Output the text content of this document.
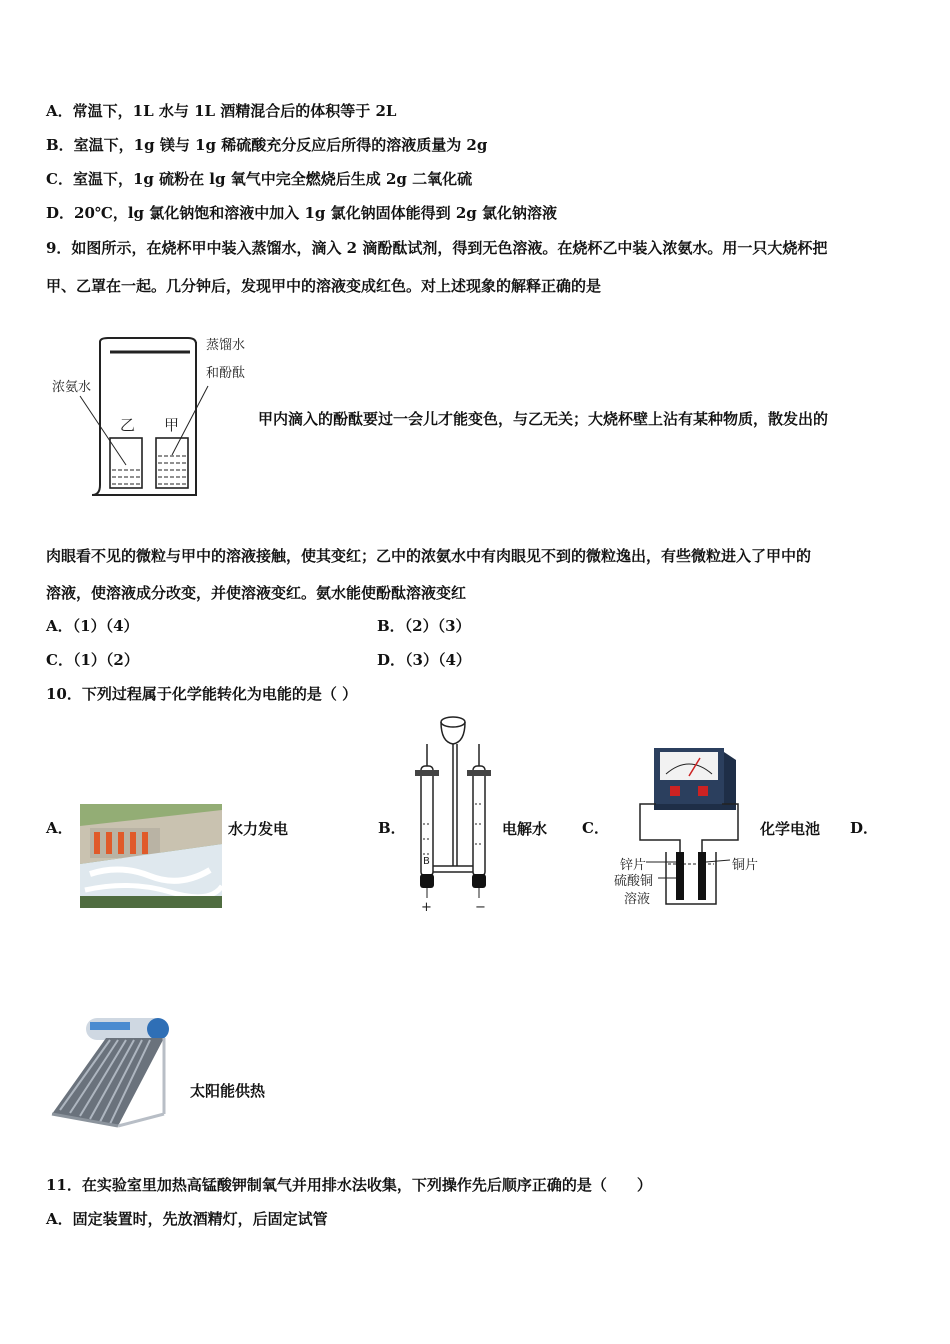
A．常温下，1L 水与 1L 酒精混合后的体积等于 2L
B．室温下，1g 镁与 1g 稀硫酸充分反应后所得的溶液质量为 2g
C．室温下，1g 硫粉在 lg 氧气中完全燃烧后生成 2g 二氧化硫
D．20℃，lg 氯化钠饱和溶液中加入 1g 氯化钠固体能得到 2g 氯化钠溶液
9．如图所示，在烧杯甲中装入蒸馏水，滴入 2 滴酚酞试剂，得到无色溶液。在烧杯乙中装入浓氨水。用一只大烧杯把
甲、乙罩在一起。几分钟后，发现甲中的溶液变成红色。对上述现象的解释正确的是
蒸馏水
和酚酞
浓氨水
乙 甲	甲内滴入的酚酞要过一会儿才能变色，与乙无关；大烧杯壁上沾有某种物质，散发出的
肉眼看不见的微粒与甲中的溶液接触，使其变红；乙中的浓氨水中有肉眼见不到的微粒逸出，有些微粒进入了甲中的
溶液，使溶液成分改变，并使溶液变红。氨水能使酚酞溶液变红
A．（1）（4）	B．（2）（3）
C．（1）（2）	D．（3）（4）
10．下列过程属于化学能转化为电能的是（ ）
A．	水力发电	B．
+	−
B
电解水 C．
锌片
硫酸铜
溶液
铜片
化学电池 D．
太阳能供热
11．在实验室里加热高锰酸钾制氧气并用排水法收集，下列操作先后顺序正确的是（　　）
A．固定装置时，先放酒精灯，后固定试管
